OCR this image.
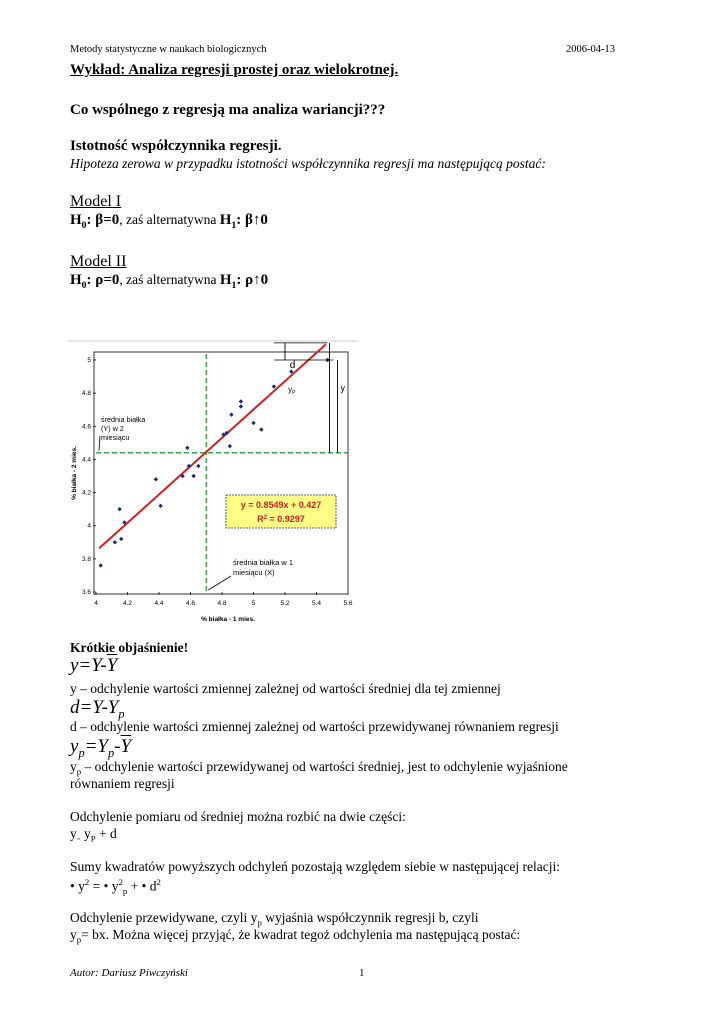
Metody statystyczne w naukach biologicznych	2006-04-13
Wykład: Analiza regresji prostej oraz wielokrotnej.
Co wspólnego z regresją ma analiza wariancji???
Istotność współczynnika regresji.
Hipoteza zerowa w przypadku istotności współczynnika regresji ma następującą postać:
Model I
$H_0$: β=0, zaś alternatywna $H_1$: β↑0
Model II
$H_0$: ρ=0, zaś alternatywna $H_1$: ρ↑0
4	4.2	4.4	4.6	4.8	5	5.2	5.4	5.6
3.6
3.8
4
4.2
4.4
4.6
4.8
5	d
$y_P$	y
średnia białka
(Y) w 2
miesiącu
średnia białka w 1
miesiącu (X)
y = 0.8549x + 0.427
$R^2 = 0.9297$
% białka - 1 mies.
% białka - 2 mies.
Krótkie objaśnienie!
$y=Y-\overline{Y}$
y – odchylenie wartości zmiennej zależnej od wartości średniej dla tej zmiennej
$d=Y-Y_p$
d – odchylenie wartości zmiennej zależnej od wartości przewidywanej równaniem regresji
$y_p=Y_p-\overline{Y}$
$y_p$ – odchylenie wartości przewidywanej od wartości średniej, jest to odchylenie wyjaśnione
równaniem regresji
Odchylenie pomiaru od średniej można rozbić na dwie części:
$y_=$ $y_P + d$
Sumy kwadratów powyższych odchyleń pozostają względem siebie w następującej relacji:
• $y^2$ = • $y^2_p$ + • $d^2$
Odchylenie przewidywane, czyli $y_p$ wyjaśnia współczynnik regresji b, czyli
$y_p=$ bx. Można więcej przyjąć, że kwadrat tegoż odchylenia ma następującą postać:
Autor: Dariusz Piwczyński	1
